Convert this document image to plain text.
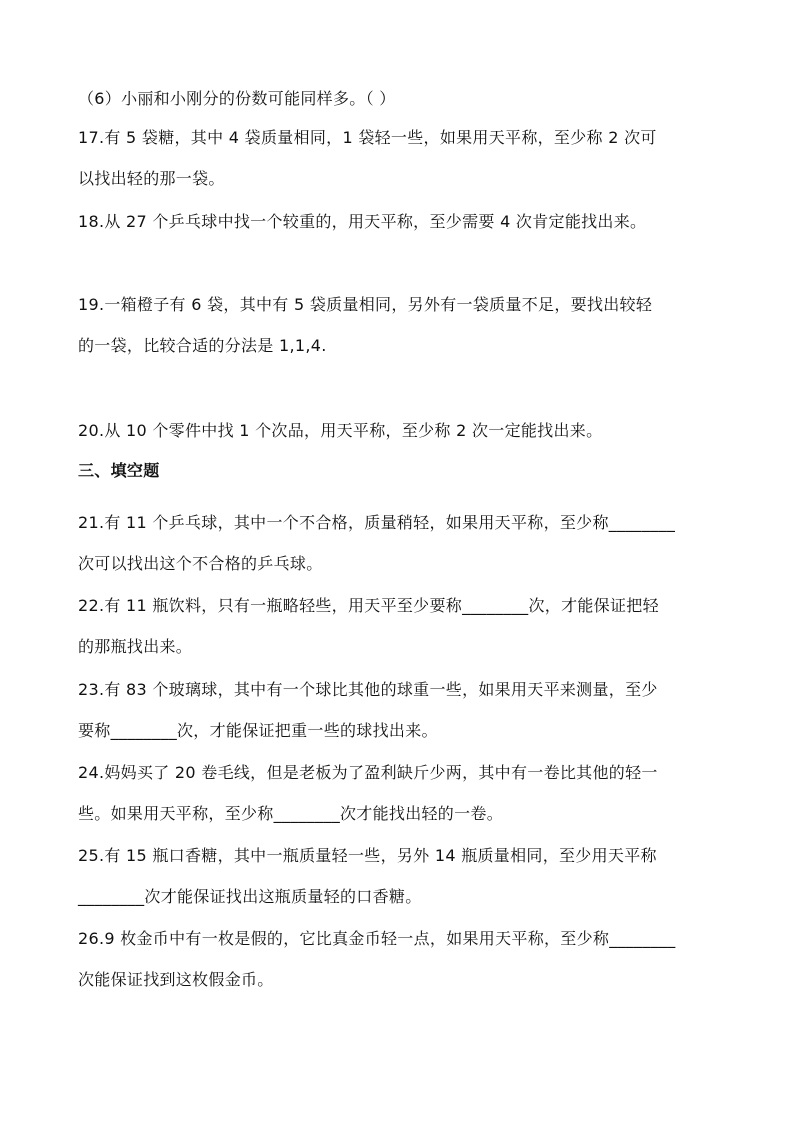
（6）小丽和小刚分的份数可能同样多。（ ）
17.有 5 袋糖，其中 4 袋质量相同，1 袋轻一些，如果用天平称，至少称 2 次可
以找出轻的那一袋。
18.从 27 个乒乓球中找一个较重的，用天平称，至少需要 4 次肯定能找出来。
19.一箱橙子有 6 袋，其中有 5 袋质量相同，另外有一袋质量不足，要找出较轻
的一袋，比较合适的分法是 1,1,4.
20.从 10 个零件中找 1 个次品，用天平称，至少称 2 次一定能找出来。
三、填空题
21.有 11 个乒乓球，其中一个不合格，质量稍轻，如果用天平称，至少称________
次可以找出这个不合格的乒乓球。
22.有 11 瓶饮料，只有一瓶略轻些，用天平至少要称________次，才能保证把轻
的那瓶找出来。
23.有 83 个玻璃球，其中有一个球比其他的球重一些，如果用天平来测量，至少
要称________次，才能保证把重一些的球找出来。
24.妈妈买了 20 卷毛线，但是老板为了盈利缺斤少两，其中有一卷比其他的轻一
些。如果用天平称，至少称________次才能找出轻的一卷。
25.有 15 瓶口香糖，其中一瓶质量轻一些，另外 14 瓶质量相同，至少用天平称
________次才能保证找出这瓶质量轻的口香糖。
26.9 枚金币中有一枚是假的，它比真金币轻一点，如果用天平称，至少称________
次能保证找到这枚假金币。
